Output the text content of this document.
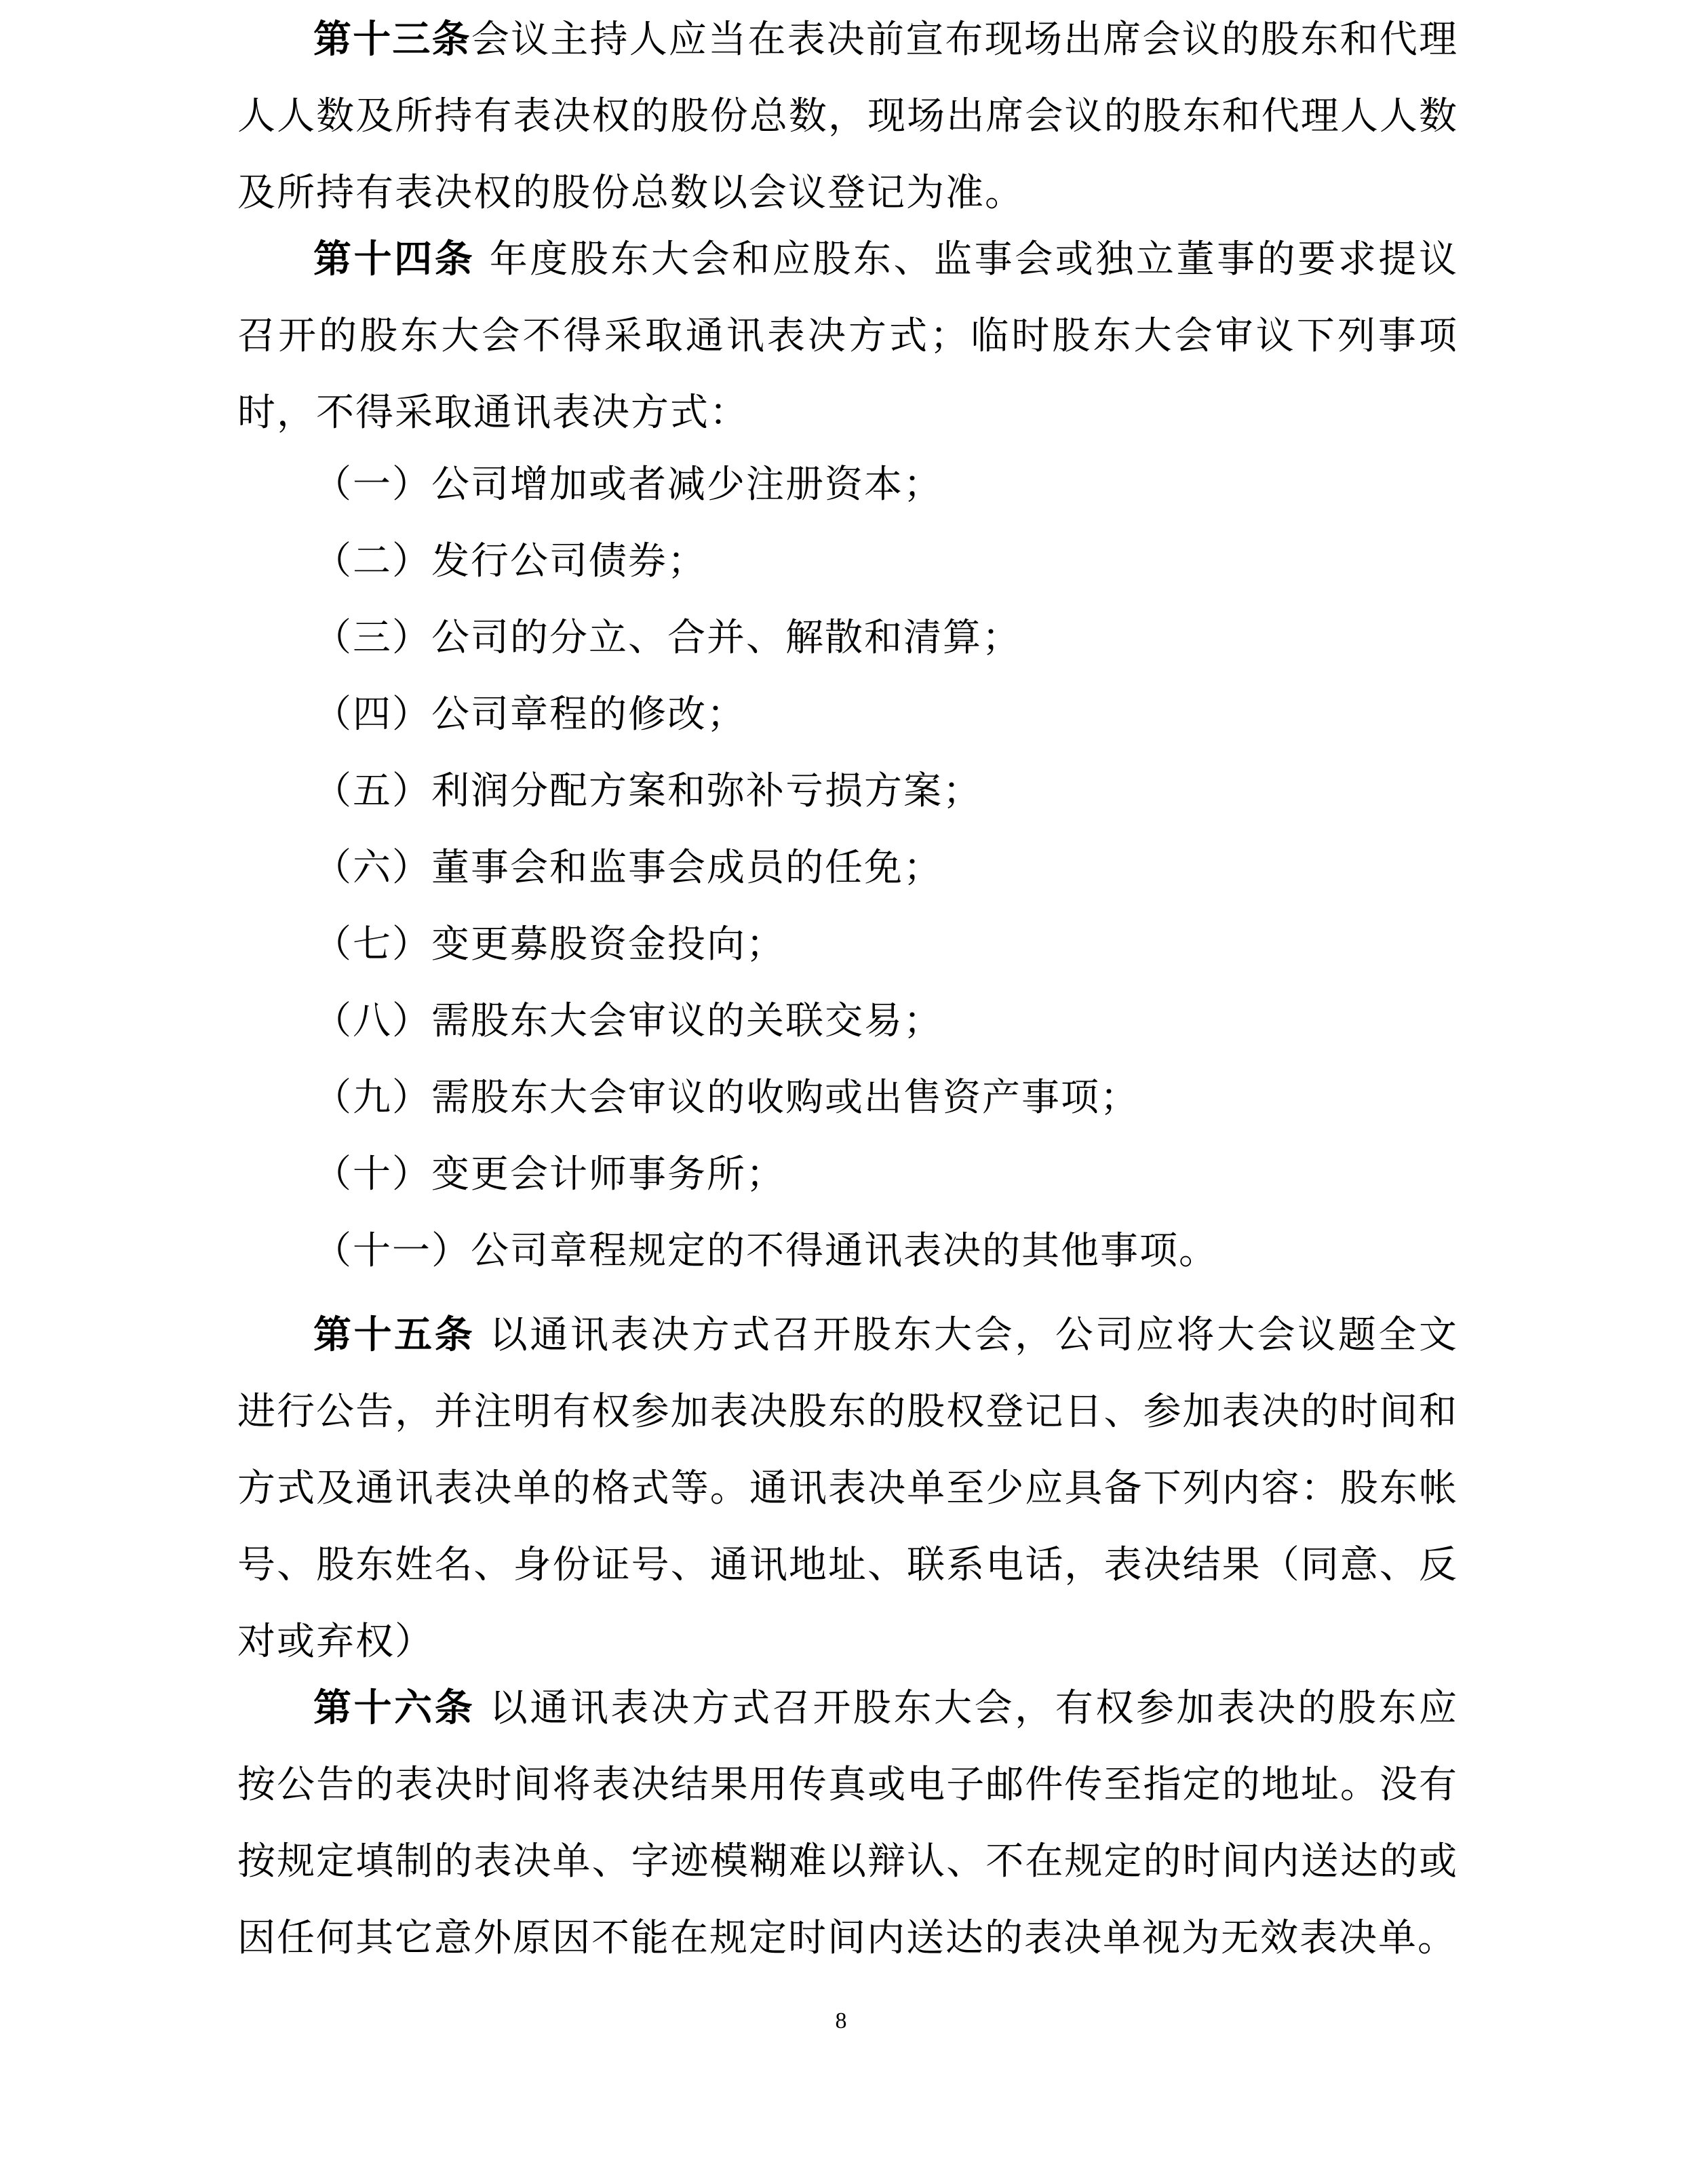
第十三条会议主持人应当在表决前宣布现场出席会议的股东和代理人人数及所持有表决权的股份总数，现场出席会议的股东和代理人人数及所持有表决权的股份总数以会议登记为准。

第十四条 年度股东大会和应股东、监事会或独立董事的要求提议召开的股东大会不得采取通讯表决方式；临时股东大会审议下列事项时，不得采取通讯表决方式：

（一）公司增加或者减少注册资本；

（二）发行公司债券；

（三）公司的分立、合并、解散和清算；

（四）公司章程的修改；

（五）利润分配方案和弥补亏损方案；

（六）董事会和监事会成员的任免；

（七）变更募股资金投向；

（八）需股东大会审议的关联交易；

（九）需股东大会审议的收购或出售资产事项；

（十）变更会计师事务所；

（十一）公司章程规定的不得通讯表决的其他事项。

第十五条 以通讯表决方式召开股东大会，公司应将大会议题全文进行公告，并注明有权参加表决股东的股权登记日、参加表决的时间和方式及通讯表决单的格式等。通讯表决单至少应具备下列内容：股东帐号、股东姓名、身份证号、通讯地址、联系电话，表决结果（同意、反对或弃权）

第十六条 以通讯表决方式召开股东大会，有权参加表决的股东应按公告的表决时间将表决结果用传真或电子邮件传至指定的地址。没有按规定填制的表决单、字迹模糊难以辩认、不在规定的时间内送达的或因任何其它意外原因不能在规定时间内送达的表决单视为无效表决单。

8
